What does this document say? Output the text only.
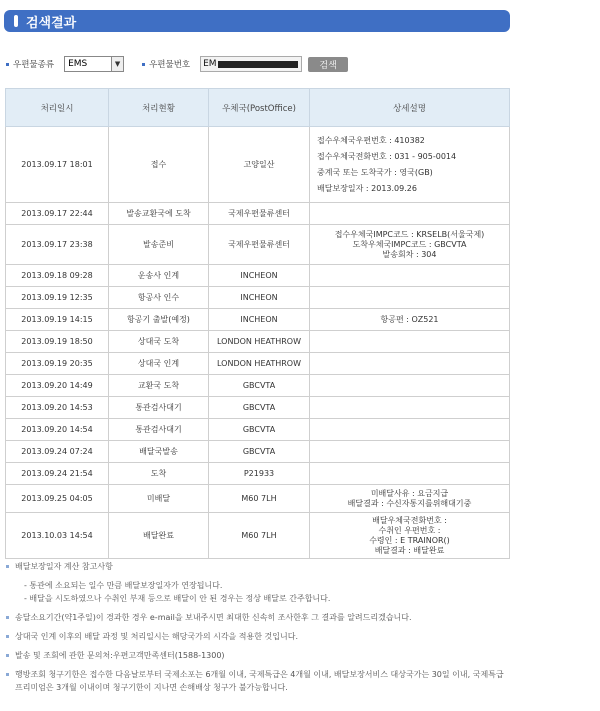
검색결과
우편물종류	EMS	▼	우편물번호 EM	검색
처리일시	처리현황	우체국(PostOffice)	상세설명
2013.09.17 18:01	접수	고양일산	접수우체국우편번호 : 410382
접수우체국전화번호 : 031 - 905-0014
중계국 또는 도착국가 : 영국(GB)
배달보장일자 : 2013.09.26

2013.09.17 22:44	발송교환국에 도착	국제우편물류센터	
2013.09.17 23:38	발송준비	국제우편물류센터	접수우체국IMPC코드 : KRSELB(서울국제)
도착우체국IMPC코드 : GBCVTA
발송회차 : 304
2013.09.18 09:28	운송사 인계	INCHEON	
2013.09.19 12:35	항공사 인수	INCHEON	
2013.09.19 14:15	항공기 출발(예정)	INCHEON	항공편 : OZ521
2013.09.19 18:50	상대국 도착	LONDON HEATHROW	
2013.09.19 20:35	상대국 인계	LONDON HEATHROW	
2013.09.20 14:49	교환국 도착	GBCVTA	
2013.09.20 14:53	통관검사대기	GBCVTA	
2013.09.20 14:54	통관검사대기	GBCVTA	
2013.09.24 07:24	배달국발송	GBCVTA	
2013.09.24 21:54	도착	P21933	
2013.09.25 04:05	미배달	M60 7LH	미배달사유 : 요금지급
배달결과 : 수신자통지를위해대기중
2013.10.03 14:54	배달완료	M60 7LH	배달우체국전화번호 :
수취인 우편번호 :
수령인 : E TRAINOR()
배달결과 : 배달완료
배달보장일자 계산 참고사항
- 통관에 소요되는 일수 만큼 배달보장일자가 연장됩니다.
- 배달을 시도하였으나 수취인 부재 등으로 배달이 안 된 경우는 정상 배달로 간주합니다.
송달소요기간(약1주일)이 경과한 경우 e-mail을 보내주시면 최대한 신속히 조사한후 그 결과를 알려드리겠습니다.
상대국 인계 이후의 배달 과정 및 처리일시는 해당국가의 시각을 적용한 것입니다.
발송 및 조회에 관한 문의처:우편고객만족센터(1588-1300)
행방조회 청구기한은 접수한 다음날로부터 국제소포는 6개월 이내, 국제특급은 4개월 이내, 배달보장서비스 대상국가는 30일 이내, 국제특급프리미엄은 3개월 이내이며 청구기한이 지나면 손해배상 청구가 불가능합니다.
